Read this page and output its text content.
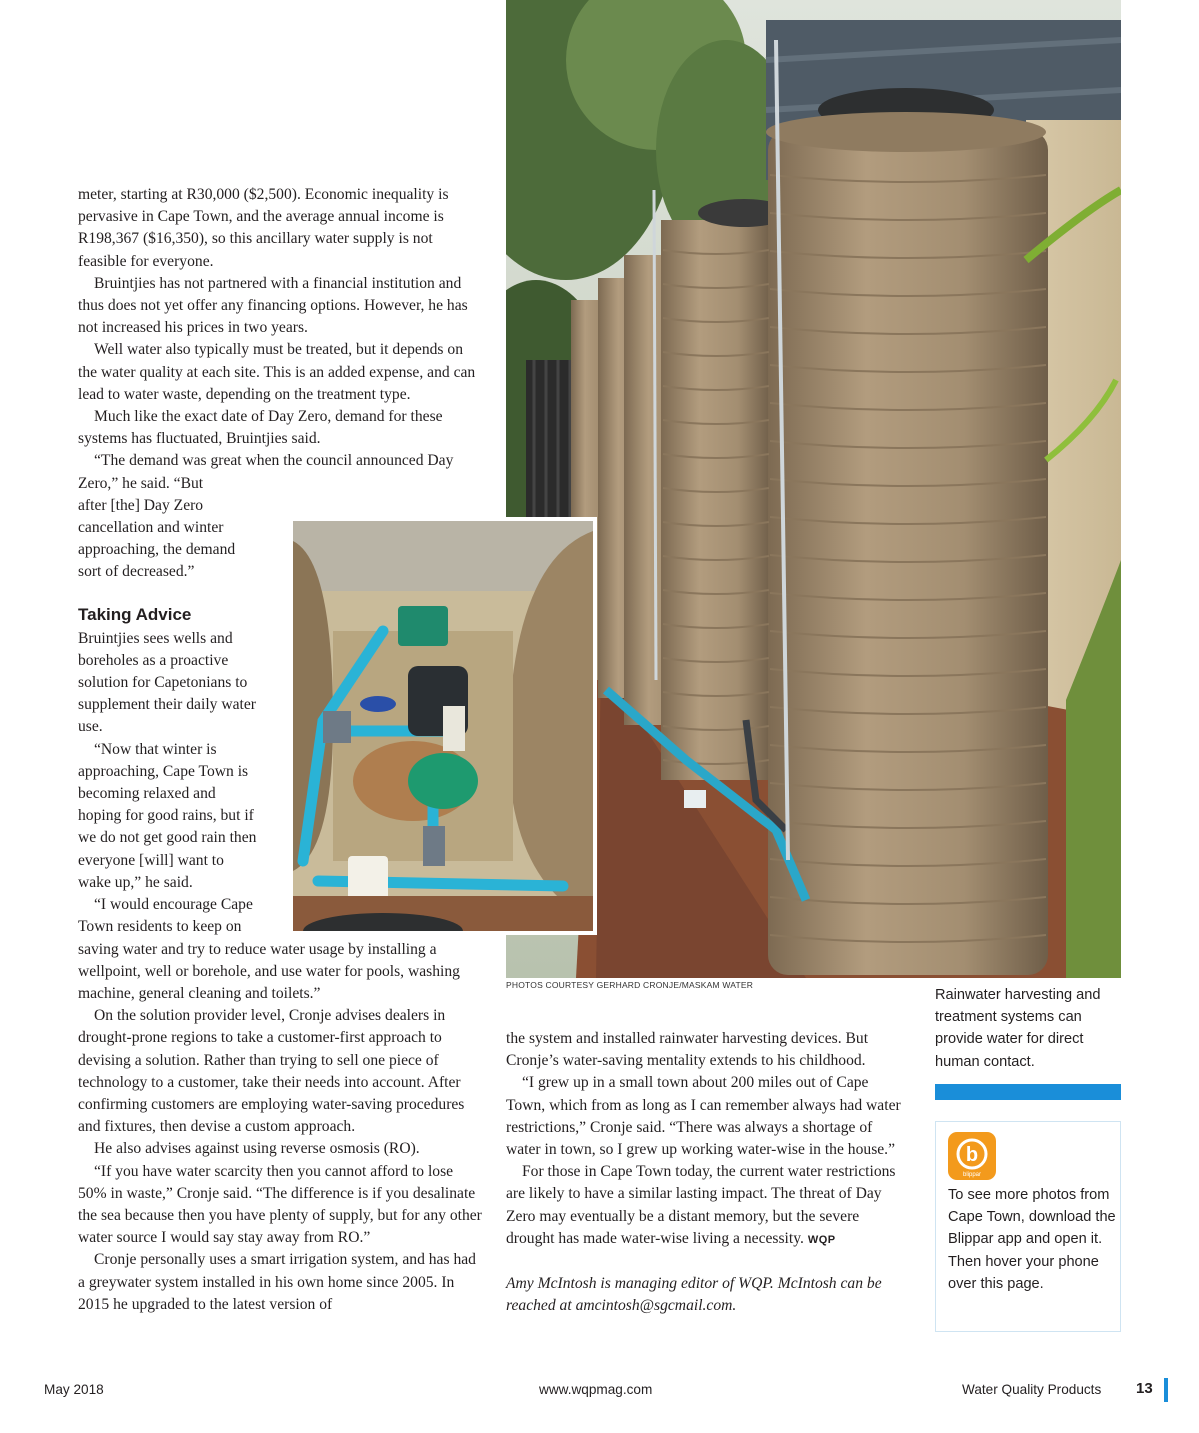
meter, starting at R30,000 ($2,500). Economic inequality is pervasive in Cape Town, and the average annual income is R198,367 ($16,350), so this ancillary water supply is not feasible for everyone.

Bruintjies has not partnered with a financial institution and thus does not yet offer any financing options. However, he has not increased his prices in two years.

Well water also typically must be treated, but it depends on the water quality at each site. This is an added expense, and can lead to water waste, depending on the treatment type.

Much like the exact date of Day Zero, demand for these systems has fluctuated, Bruintjies said.

“The demand was great when the council announced Day Zero,” he said. “But

after [the] Day Zero cancellation and winter approaching, the demand sort of decreased.”

Taking Advice

Bruintjies sees wells and boreholes as a proactive solution for Capetonians to supplement their daily water use.

“Now that winter is approaching, Cape Town is becoming relaxed and hoping for good rains, but if we do not get good rain then everyone [will] want to wake up,” he said.

“I would encourage Cape Town residents to keep on

saving water and try to reduce water usage by installing a wellpoint, well or borehole, and use water for pools, washing machine, general cleaning and toilets.”

On the solution provider level, Cronje advises dealers in drought-prone regions to take a customer-first approach to devising a solution. Rather than trying to sell one piece of technology to a customer, take their needs into account. After confirming customers are employing water-saving procedures and fixtures, then devise a custom approach.

He also advises against using reverse osmosis (RO).

“If you have water scarcity then you cannot afford to lose 50% in waste,” Cronje said. “The difference is if you desalinate the sea because then you have plenty of supply, but for any other water source I would say stay away from RO.”

Cronje personally uses a smart irrigation system, and has had a greywater system installed in his own home since 2005. In 2015 he upgraded to the latest version of

PHOTOS COURTESY GERHARD CRONJE/MASKAM WATER
Rainwater harvesting and treatment systems can provide water for direct human contact.
b
blippar
To see more photos from Cape Town, download the Blippar app and open it. Then hover your phone over this page.

the system and installed rainwater harvesting devices. But Cronje’s water-saving mentality extends to his childhood.

“I grew up in a small town about 200 miles out of Cape Town, which from as long as I can remember always had water restrictions,” Cronje said. “There was always a shortage of water in town, so I grew up working water-wise in the house.”

For those in Cape Town today, the current water restrictions are likely to have a similar lasting impact. The threat of Day Zero may eventually be a distant memory, but the severe drought has made water-wise living a necessity. WQP

Amy McIntosh is managing editor of WQP. McIntosh can be reached at amcintosh@sgcmail.com.

May 2018	www.wqpmag.com	Water Quality Products 13
